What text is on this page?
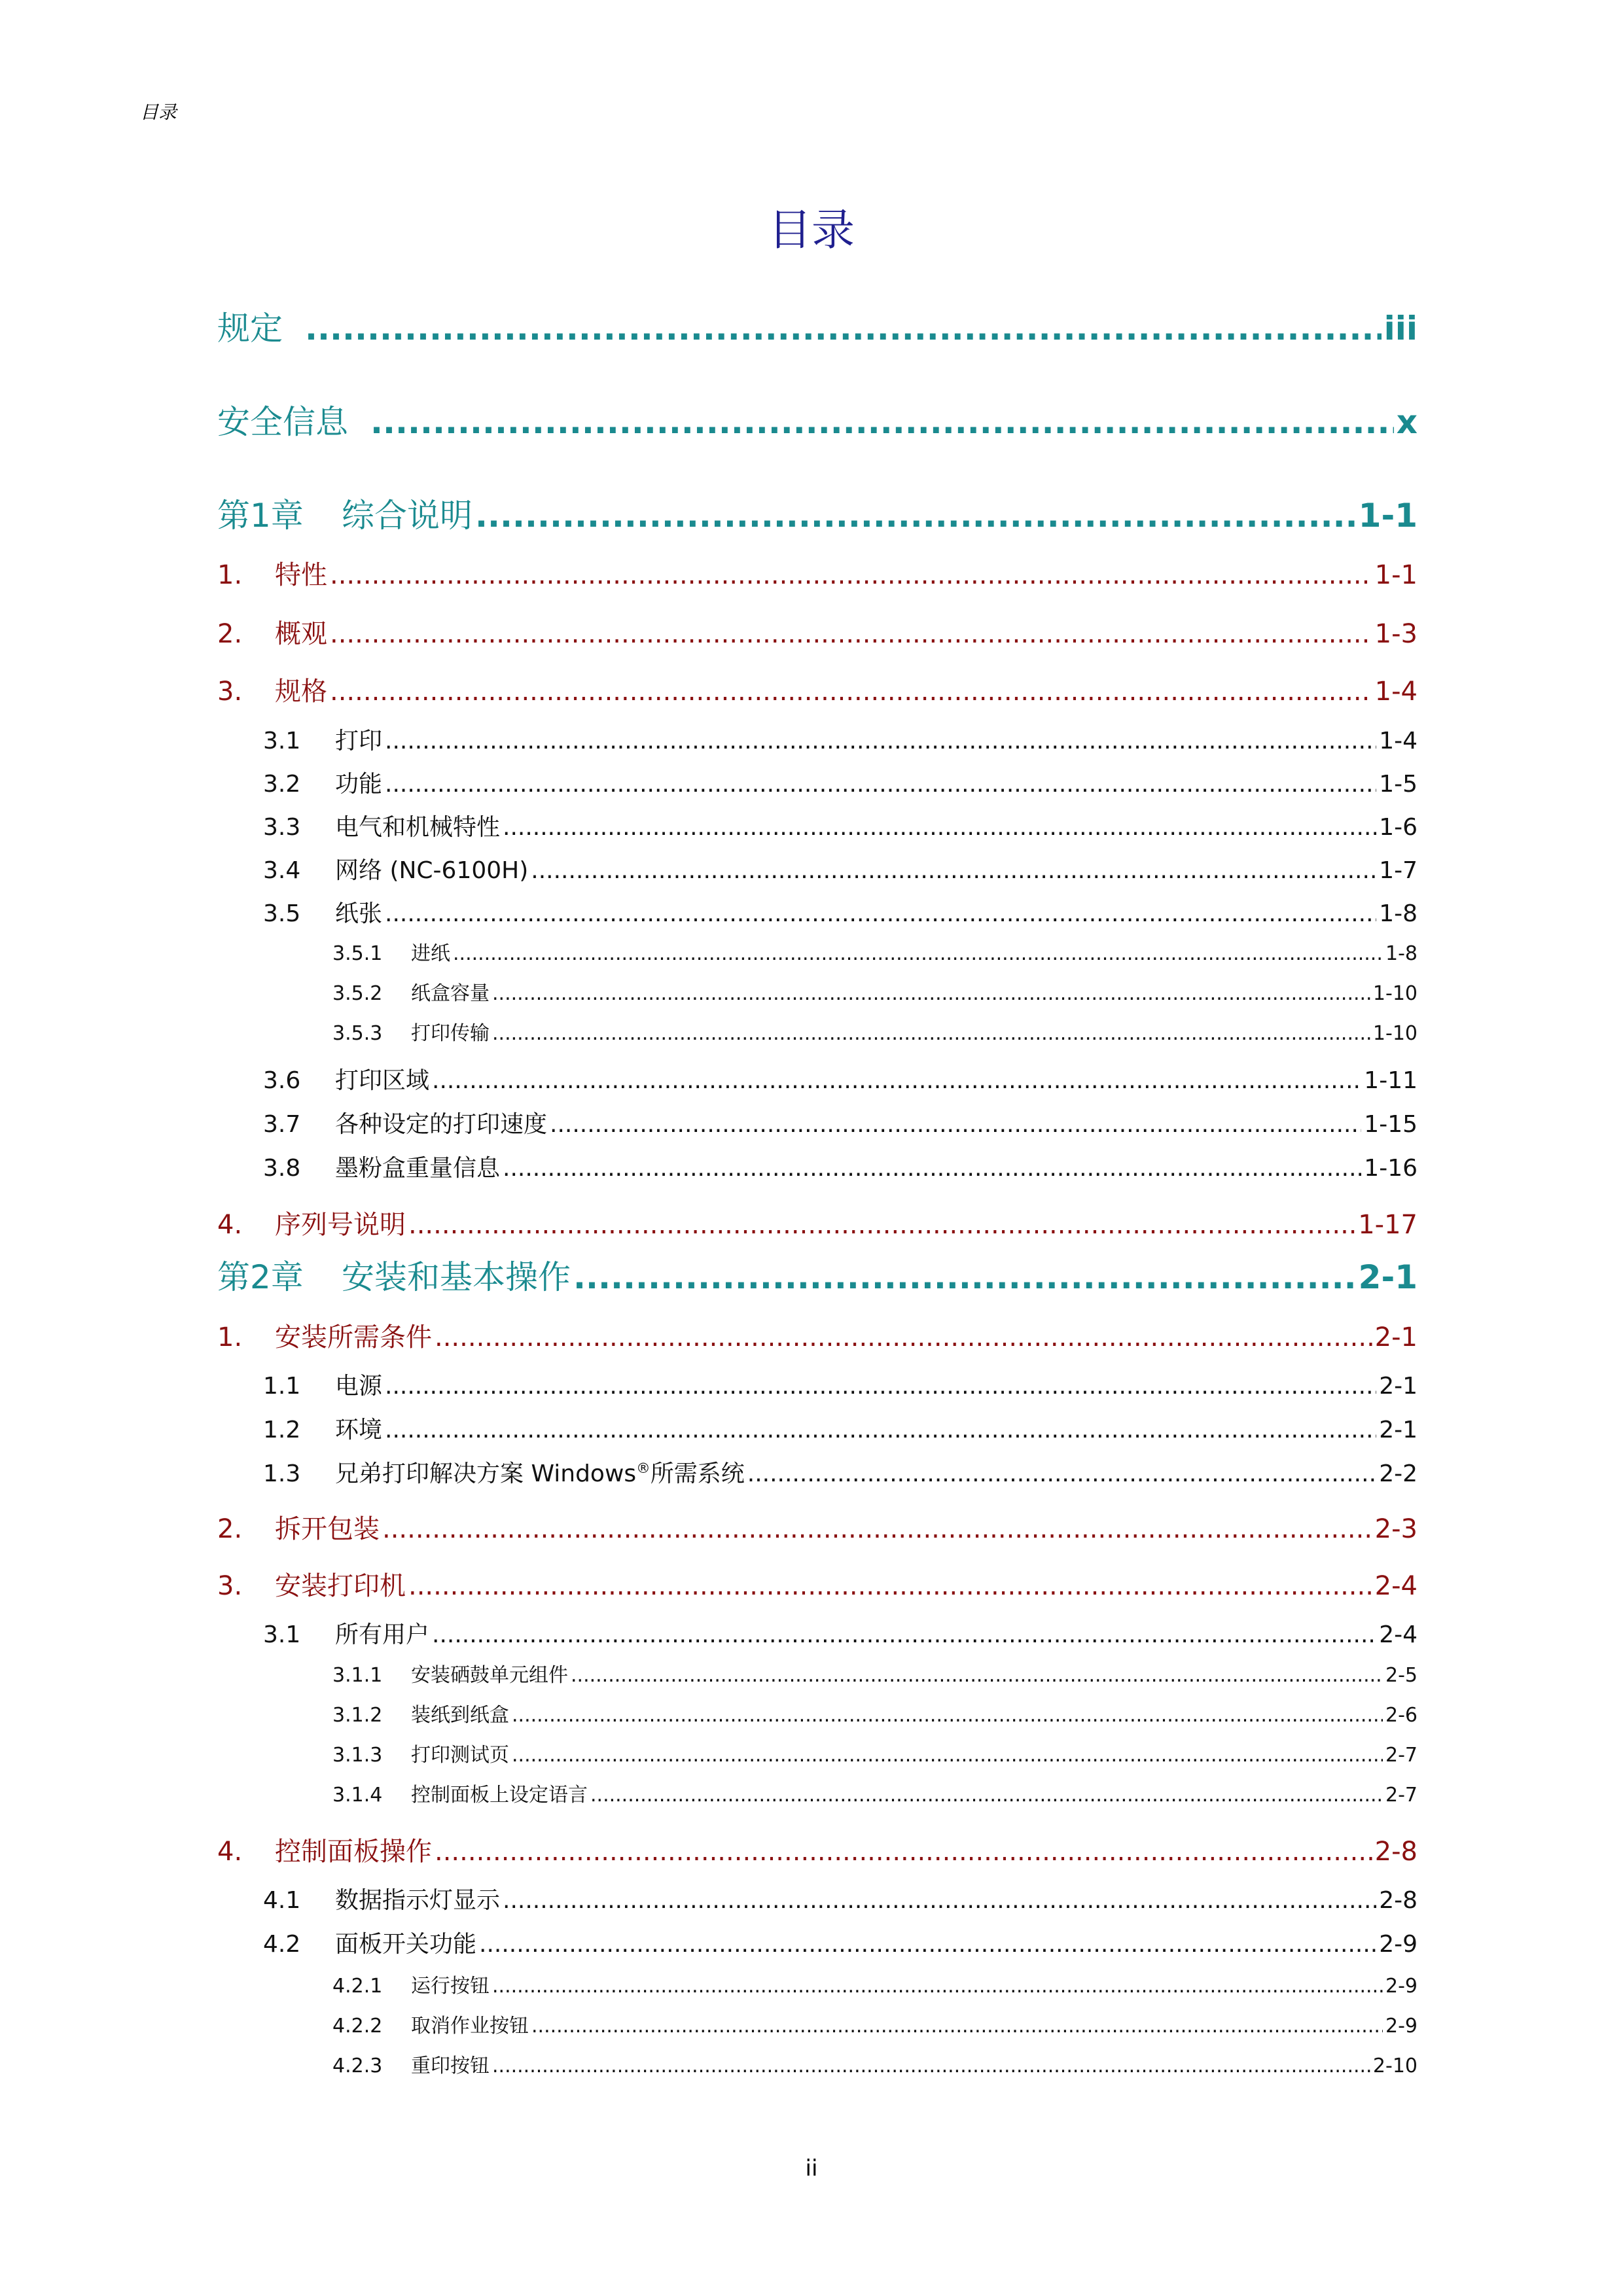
目录
目录
规定 .....	iii
安全信息 .....	x
第1章	综合说明 .....	1-1
1.	特性 .....	1-1
2.	概观 .....	1-3
3.	规格 .....	1-4
3.1	打印 .....	1-4
3.2	功能 .....	1-5
3.3	电气和机械特性 .....	1-6
3.4	网络 (NC-6100H) .....	1-7
3.5	纸张 .....	1-8
3.5.1	进纸 .....	1-8
3.5.2	纸盒容量 .....	1-10
3.5.3	打印传输 .....	1-10
3.6	打印区域 .....	1-11
3.7	各种设定的打印速度 .....	1-15
3.8	墨粉盒重量信息 .....	1-16
4.	序列号说明 .....	1-17
第2章	安装和基本操作 .....	2-1
1.	安装所需条件 .....	2-1
1.1	电源 .....	2-1
1.2	环境 .....	2-1
1.3	兄弟打印解决方案 Windows®所需系统 .....	2-2
2.	拆开包装 .....	2-3
3.	安装打印机 .....	2-4
3.1	所有用户 .....	2-4
3.1.1	安装硒鼓单元组件 .....	2-5
3.1.2	装纸到纸盒 .....	2-6
3.1.3	打印测试页 .....	2-7
3.1.4	控制面板上设定语言 .....	2-7
4.	控制面板操作 .....	2-8
4.1	数据指示灯显示 .....	2-8
4.2	面板开关功能 .....	2-9
4.2.1	运行按钮 .....	2-9
4.2.2	取消作业按钮 .....	2-9
4.2.3	重印按钮 .....	2-10
ii
